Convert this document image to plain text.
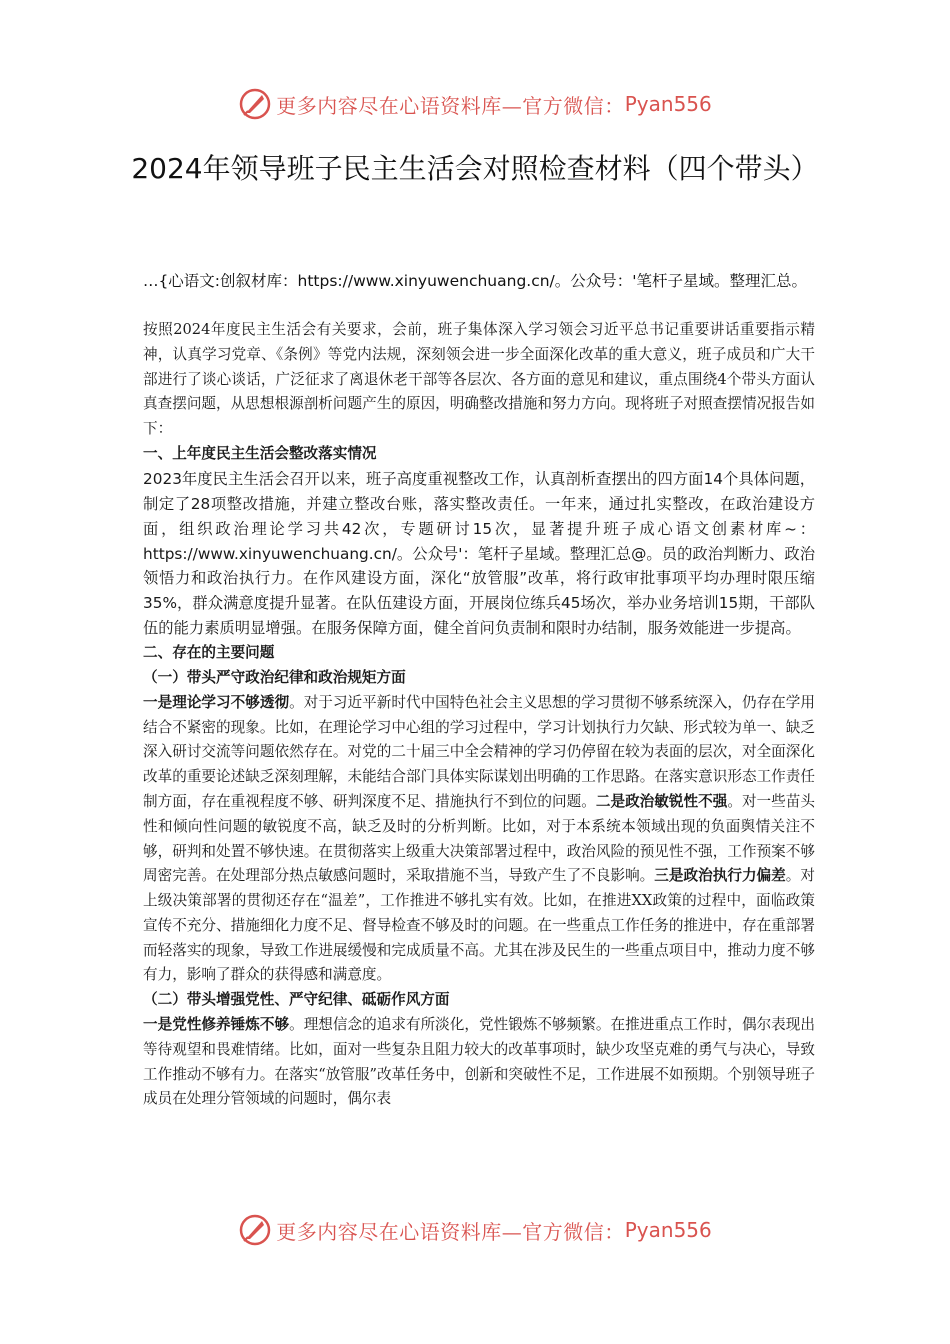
更多内容尽在心语资料库—官方微信： Pyan556
2024年领导班子民主生活会对照检查材料（四个带头）
…{心语文:创叙材库：https://www.xinyuwenchuang.cn/。公众号：'笔杆子星域。整理汇总。

按照2024年度民主生活会有关要求，会前，班子集体深入学习领会习近平总书记重要讲话重要指示精神，认真学习党章、《条例》等党内法规，深刻领会进一步全面深化改革的重大意义，班子成员和广大干部进行了谈心谈话，广泛征求了离退休老干部等各层次、各方面的意见和建议，重点围绕4个带头方面认真查摆问题，从思想根源剖析问题产生的原因，明确整改措施和努力方向。现将班子对照查摆情况报告如下：

一、上年度民主生活会整改落实情况

2023年度民主生活会召开以来，班子高度重视整改工作，认真剖析查摆出的四方面14个具体问题，制定了28项整改措施，并建立整改台账，落实整改责任。一年来，通过扎实整改，在政治建设方面，组织政治理论学习共42次，专题研讨15次，显著提升班子成心语文创素材库~：https://www.xinyuwenchuang.cn/。公众号'：笔杆子星域。整理汇总@。员的政治判断力、政治领悟力和政治执行力。在作风建设方面，深化“放管服”改革，将行政审批事项平均办理时限压缩35%，群众满意度提升显著。在队伍建设方面，开展岗位练兵45场次，举办业务培训15期，干部队伍的能力素质明显增强。在服务保障方面，健全首问负责制和限时办结制，服务效能进一步提高。

二、存在的主要问题
（一）带头严守政治纪律和政治规矩方面

一是理论学习不够透彻。对于习近平新时代中国特色社会主义思想的学习贯彻不够系统深入，仍存在学用结合不紧密的现象。比如，在理论学习中心组的学习过程中，学习计划执行力欠缺、形式较为单一、缺乏深入研讨交流等问题依然存在。对党的二十届三中全会精神的学习仍停留在较为表面的层次，对全面深化改革的重要论述缺乏深刻理解，未能结合部门具体实际谋划出明确的工作思路。在落实意识形态工作责任制方面，存在重视程度不够、研判深度不足、措施执行不到位的问题。二是政治敏锐性不强。对一些苗头性和倾向性问题的敏锐度不高，缺乏及时的分析判断。比如，对于本系统本领域出现的负面舆情关注不够，研判和处置不够快速。在贯彻落实上级重大决策部署过程中，政治风险的预见性不强，工作预案不够周密完善。在处理部分热点敏感问题时，采取措施不当，导致产生了不良影响。三是政治执行力偏差。对上级决策部署的贯彻还存在“温差”，工作推进不够扎实有效。比如，在推进XX政策的过程中，面临政策宣传不充分、措施细化力度不足、督导检查不够及时的问题。在一些重点工作任务的推进中，存在重部署而轻落实的现象，导致工作进展缓慢和完成质量不高。尤其在涉及民生的一些重点项目中，推动力度不够有力，影响了群众的获得感和满意度。

（二）带头增强党性、严守纪律、砥砺作风方面

一是党性修养锤炼不够。理想信念的追求有所淡化，党性锻炼不够频繁。在推进重点工作时，偶尔表现出等待观望和畏难情绪。比如，面对一些复杂且阻力较大的改革事项时，缺少攻坚克难的勇气与决心，导致工作推动不够有力。在落实“放管服”改革任务中，创新和突破性不足，工作进展不如预期。个别领导班子成员在处理分管领域的问题时，偶尔表

更多内容尽在心语资料库—官方微信： Pyan556
